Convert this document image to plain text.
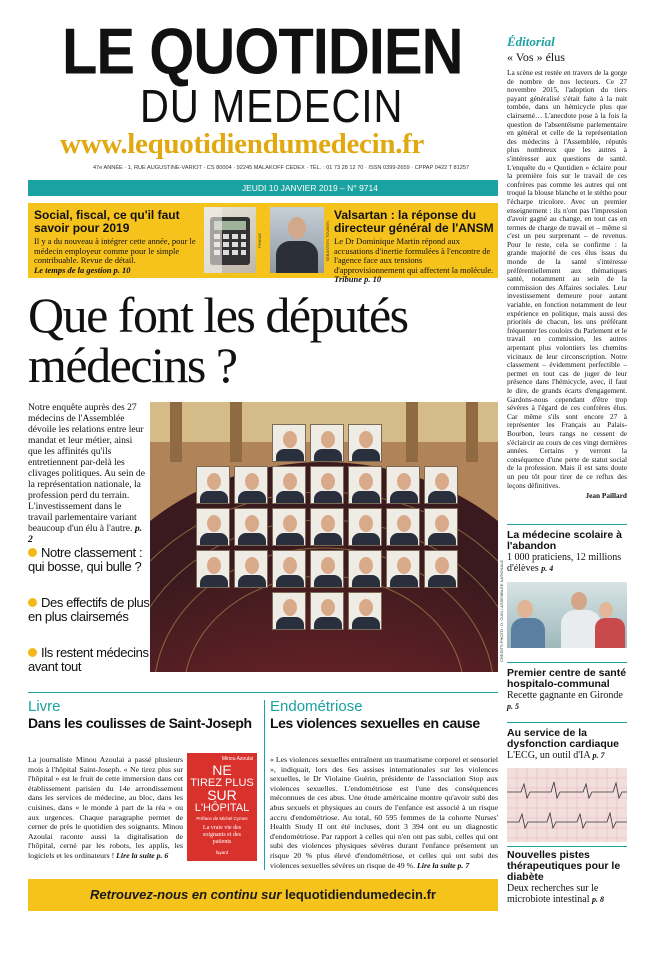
LE QUOTIDIEN
DU MEDECIN
www.lequotidiendumedecin.fr
47e ANNÉE · 1, RUE AUGUSTINE-VARIOT · CS 80004 · 92245 MALAKOFF CEDEX · TÉL. : 01 73 28 12 70 · ISSN 0399-2659 · CPPAP 0422 T 81257
JEUDI 10 JANVIER 2019 – N° 9714
Social, fiscal, ce qu'il faut savoir pour 2019
Il y a du nouveau à intégrer cette année, pour le médecin employeur comme pour le simple contribuable. Revue de détail.
Le temps de la gestion p. 10
PHANIE	SEBASTIEN TOUBON
Valsartan : la réponse du directeur général de l'ANSM
Le Dr Dominique Martin répond aux accusations d'inertie formulées à l'encontre de l'agence face aux tensions d'approvisionnement qui affectent la molécule. Tribune p. 10
Que font les députés médecins ?
Notre enquête auprès des 27 médecins de l'Assemblée dévoile les relations entre leur mandat et leur métier, ainsi que les affinités qu'ils entretiennent par-delà les clivages politiques. Au sein de la représentation nationale, la profession perd du terrain. L'investissement dans le travail parlementaire variant beaucoup d'un élu à l'autre. p. 2
Notre classement : qui bosse, qui bulle ?
Des effectifs de plus en plus clairsemés
Ils restent médecins avant tout
CREDITS PHOTO : D. CUIN / ASSEMBLÉE NATIONALE
Éditorial
« Vos » élus
La scène est restée en travers de la gorge de nombre de nos lecteurs. Ce 27 novembre 2015, l'adoption du tiers payant généralisé s'était faite à la nuit tombée, dans un hémicycle plus que clairsemé… L'anecdote pose à la fois la question de l'absentéisme parlementaire en général et celle de la représentation des médecins à l'Assemblée, réputés plus nombreux que les autres à s'intéresser aux questions de santé. L'enquête du « Quotidien » éclaire pour la première fois sur le travail de ces confrères pas comme les autres qui ont troqué la blouse blanche et le stétho pour l'écharpe tricolore. Avec un premier enseignement : ils n'ont pas l'impression d'avoir gagné au change, en tout cas en termes de charge de travail et – même si c'est un peu surprenant – de revenus. Pour le reste, cela se confirme : la grande majorité de ces élus issus du monde de la santé s'intéresse préférentiellement aux thématiques santé, notamment au sein de la commission des Affaires sociales. Leur investissement demeure pour autant variable, en fonction notamment de leur expérience en politique, mais aussi des priorités de chacun, les uns préférant fréquenter les couloirs du Parlement et le travail en commission, les autres arpentant plus volontiers les chemins vicinaux de leur circonscription. Notre classement – évidemment perfectible – permet en tout cas de juger de leur présence dans l'hémicycle, avec, il faut le dire, de grands écarts d'engagement. Gardons-nous cependant d'être trop sévères à l'égard de ces confrères élus. Car même s'ils sont encore 27 à représenter les Français au Palais-Bourbon, leurs rangs ne cessent de s'éclaircir au cours de ces vingt dernières années. Certains y verront la conséquence d'une perte de statut social de la profession. Mais il est sans doute un peu tôt pour tirer de ce reflux des leçons définitives.
Jean Paillard
La médecine scolaire à l'abandon
1 000 praticiens, 12 millions d'élèves p. 4
Premier centre de santé hospitalo-communal
Recette gagnante en Gironde
p. 5
Au service de la dysfonction cardiaque
L'ECG, un outil d'IA p. 7
Nouvelles pistes thérapeutiques pour le diabète
Deux recherches sur le microbiote intestinal p. 8
Livre
Dans les coulisses de Saint-Joseph
La journaliste Minou Azoulai a passé plusieurs mois à l'hôpital Saint-Joseph. « Ne tirez plus sur l'hôpital » est le fruit de cette immersion dans cet établissement parisien du 14e arrondissement dans les services de médecine, au bloc, dans les cuisines, dans « le monde à part de la réa » ou aux urgences. Chaque paragraphe permet de cerner de près le quotidien des soignants. Minou Azoulai raconte aussi la digitalisation de l'hôpital, cerné par les robots, les applis, les logiciels et les ordinateurs ! Lire la suite p. 6
Minou Azoulai
NE
TIREZ PLUS
SUR
L'HÔPITAL
Préface de Michel Cymes
La vraie vie des soignants et des patients
fayard
Endométriose
Les violences sexuelles en cause
« Les violences sexuelles entraînent un traumatisme corporel et sensoriel », indiquait, lors des 6es assises internationales sur les violences sexuelles, le Dr Violaine Guérin, présidente de l'association Stop aux violences sexuelles. L'endométriose est l'une des conséquences méconnues de ces abus. Une étude américaine montre qu'avoir subi des abus sexuels et physiques au cours de l'enfance est associé à un risque accru d'endométriose. Au total, 60 595 femmes de la cohorte Nurses' Health Study II ont été incluses, dont 3 394 ont eu un diagnostic d'endométriose. Par rapport à celles qui n'en ont pas subi, celles qui ont subi des violences physiques sévères durant l'enfance présentent un risque 20 % plus élevé d'endométriose, et celles qui ont subi des violences sexuelles sévères un risque de 49 %. Lire la suite p. 7
Retrouvez-nous en continu sur lequotidiendumedecin.fr
